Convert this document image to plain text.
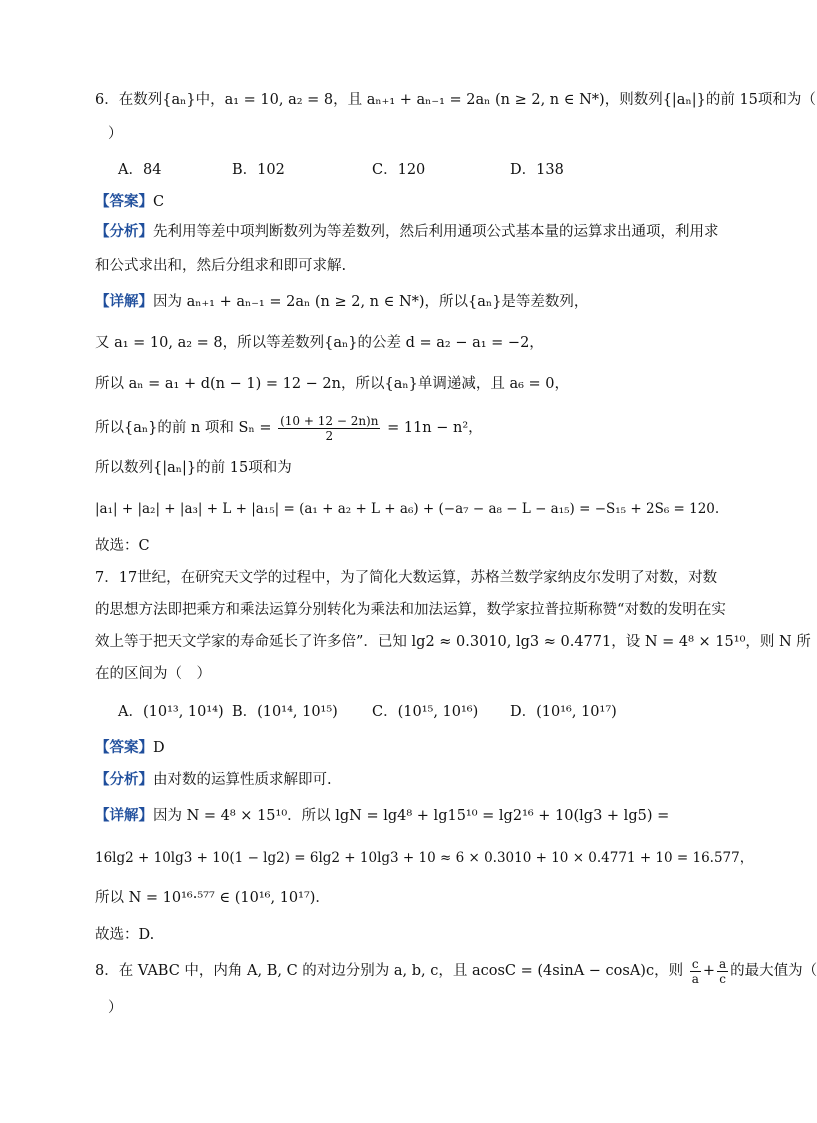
6．在数列{aₙ}中，a₁ = 10, a₂ = 8，且 aₙ₊₁ + aₙ₋₁ = 2aₙ (n ≥ 2, n ∈ N*)，则数列{|aₙ|}的前 15项和为（
）
A．84	B．102	C．120	D．138
【答案】C
【分析】先利用等差中项判断数列为等差数列，然后利用通项公式基本量的运算求出通项，利用求
和公式求出和，然后分组求和即可求解.
【详解】因为 aₙ₊₁ + aₙ₋₁ = 2aₙ (n ≥ 2, n ∈ N*)，所以{aₙ}是等差数列，
又 a₁ = 10, a₂ = 8，所以等差数列{aₙ}的公差 d = a₂ − a₁ = −2，
所以 aₙ = a₁ + d(n − 1) = 12 − 2n，所以{aₙ}单调递减，且 a₆ = 0，
所以{aₙ}的前 n 项和 $S_n = \frac{(10 + 12 - 2n)n}{2} = 11n - n^2$，
所以数列{|aₙ|}的前 15项和为
|a₁| + |a₂| + |a₃| + L + |a₁₅| = (a₁ + a₂ + L + a₆) + (−a₇ − a₈ − L − a₁₅) = −S₁₅ + 2S₆ = 120.
故选：C
7．17世纪，在研究天文学的过程中，为了简化大数运算，苏格兰数学家纳皮尔发明了对数，对数
的思想方法即把乘方和乘法运算分别转化为乘法和加法运算，数学家拉普拉斯称赞“对数的发明在实
效上等于把天文学家的寿命延长了许多倍”．已知 lg2 ≈ 0.3010, lg3 ≈ 0.4771，设 N = 4⁸ × 15¹⁰，则 N 所
在的区间为（　）
A．(10¹³, 10¹⁴) B．(10¹⁴, 10¹⁵) C．(10¹⁵, 10¹⁶) D．(10¹⁶, 10¹⁷)
【答案】D
【分析】由对数的运算性质求解即可.
【详解】因为 N = 4⁸ × 15¹⁰．所以 lgN = lg4⁸ + lg15¹⁰ = lg2¹⁶ + 10(lg3 + lg5) =
16lg2 + 10lg3 + 10(1 − lg2) = 6lg2 + 10lg3 + 10 ≈ 6 × 0.3010 + 10 × 0.4771 + 10 = 16.577，
所以 N = 10¹⁶·⁵⁷⁷ ∈ (10¹⁶, 10¹⁷)．
故选：D.
8．在 VABC 中，内角 A, B, C 的对边分别为 a, b, c，且 acosC = (4sinA − cosA)c，则 $\frac{c}{a} + \frac{a}{c}$ 的最大值为（
）
